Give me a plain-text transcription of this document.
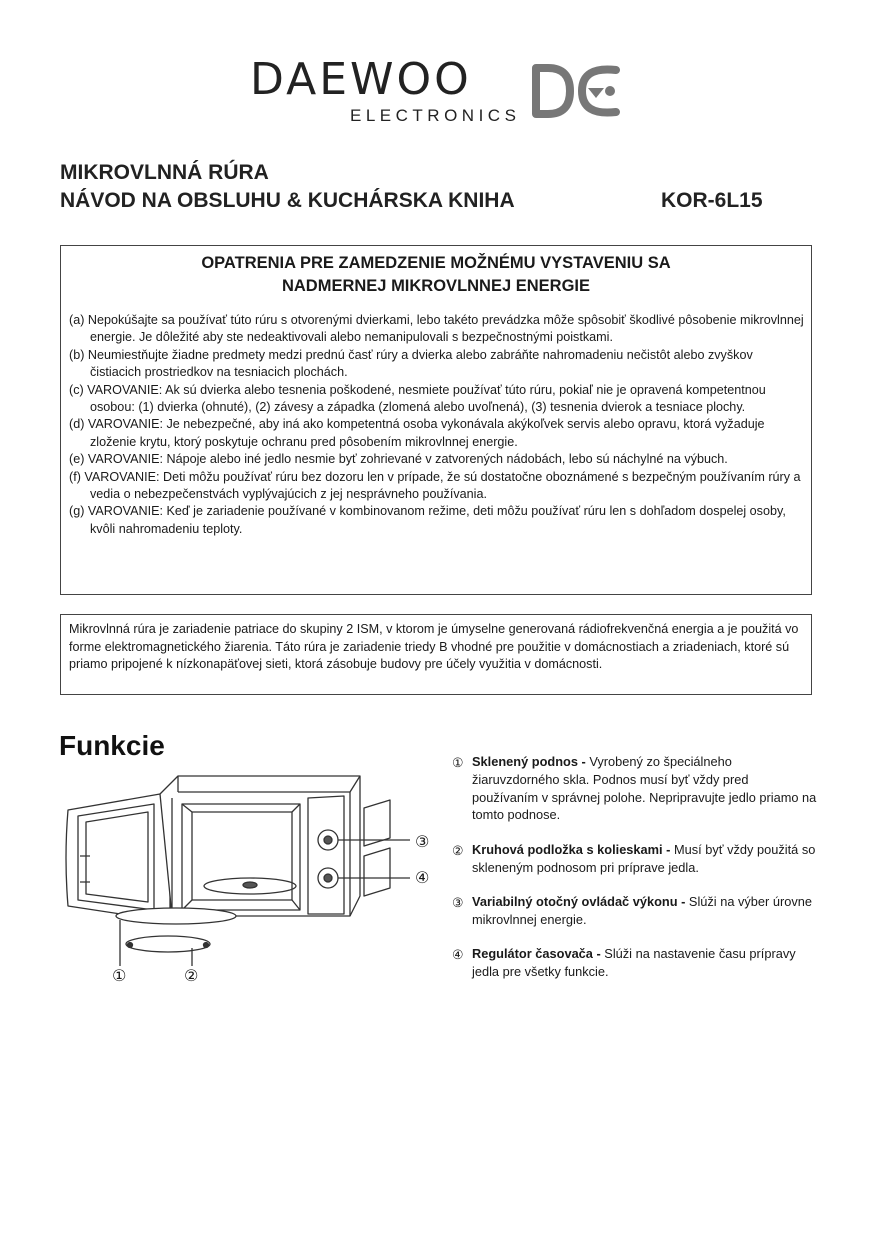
DAEWOO
ELECTRONICS
MIKROVLNNÁ RÚRA
NÁVOD NA OBSLUHU & KUCHÁRSKA KNIHA	KOR-6L15
OPATRENIA PRE ZAMEDZENIE MOŽNÉMU VYSTAVENIU SA
NADMERNEJ MIKROVLNNEJ ENERGIE
(a) Nepokúšajte sa používať túto rúru s otvorenými dvierkami, lebo takéto prevádzka môže spôsobiť škodlivé pôsobenie mikrovlnnej energie. Je dôležité aby ste nedeaktivovali alebo nemanipulovali s bezpečnostnými poistkami.
(b) Neumiestňujte žiadne predmety medzi prednú časť rúry a dvierka alebo zabráňte nahromadeniu nečistôt alebo zvyškov čistiacich prostriedkov na tesniacich plochách.
(c) VAROVANIE: Ak sú dvierka alebo tesnenia poškodené, nesmiete používať túto rúru, pokiaľ nie je opravená kompetentnou osobou: (1) dvierka (ohnuté), (2) závesy a západka (zlomená alebo uvoľnená), (3) tesnenia dvierok a tesniace plochy.
(d) VAROVANIE: Je nebezpečné, aby iná ako kompetentná osoba vykonávala akýkoľvek servis alebo opravu, ktorá vyžaduje zloženie krytu, ktorý poskytuje ochranu pred pôsobením mikrovlnnej energie.
(e) VAROVANIE: Nápoje alebo iné jedlo nesmie byť zohrievané v zatvorených nádobách, lebo sú náchylné na výbuch.
(f) VAROVANIE: Deti môžu používať rúru bez dozoru len v prípade, že sú dostatočne oboznámené s bezpečným používaním rúry a vedia o nebezpečenstvách vyplývajúcich z jej nesprávneho používania.
(g) VAROVANIE: Keď je zariadenie používané v kombinovanom režime, deti môžu používať rúru len s dohľadom dospelej osoby, kvôli nahromadeniu teploty.
Mikrovlnná rúra je zariadenie patriace do skupiny 2 ISM, v ktorom je úmyselne generovaná rádiofrekvenčná energia a je použitá vo forme elektromagnetického žiarenia. Táto rúra je zariadenie triedy B vhodné pre použitie v domácnostiach a zriadeniach, ktoré sú priamo pripojené k nízkonapäťovej sieti, ktorá zásobuje budovy pre účely využitia v domácnosti.
Funkcie
③
④
①	②
① Sklenený podnos - Vyrobený zo špeciálneho žiaruvzdorného skla. Podnos musí byť vždy pred používaním v správnej polohe. Nepripravujte jedlo priamo na tomto podnose.
② Kruhová podložka s kolieskami - Musí byť vždy použitá so skleneným podnosom pri príprave jedla.
③ Variabilný otočný ovládač výkonu - Slúži na výber úrovne mikrovlnnej energie.
④ Regulátor časovača - Slúži na nastavenie času prípravy jedla pre všetky funkcie.
